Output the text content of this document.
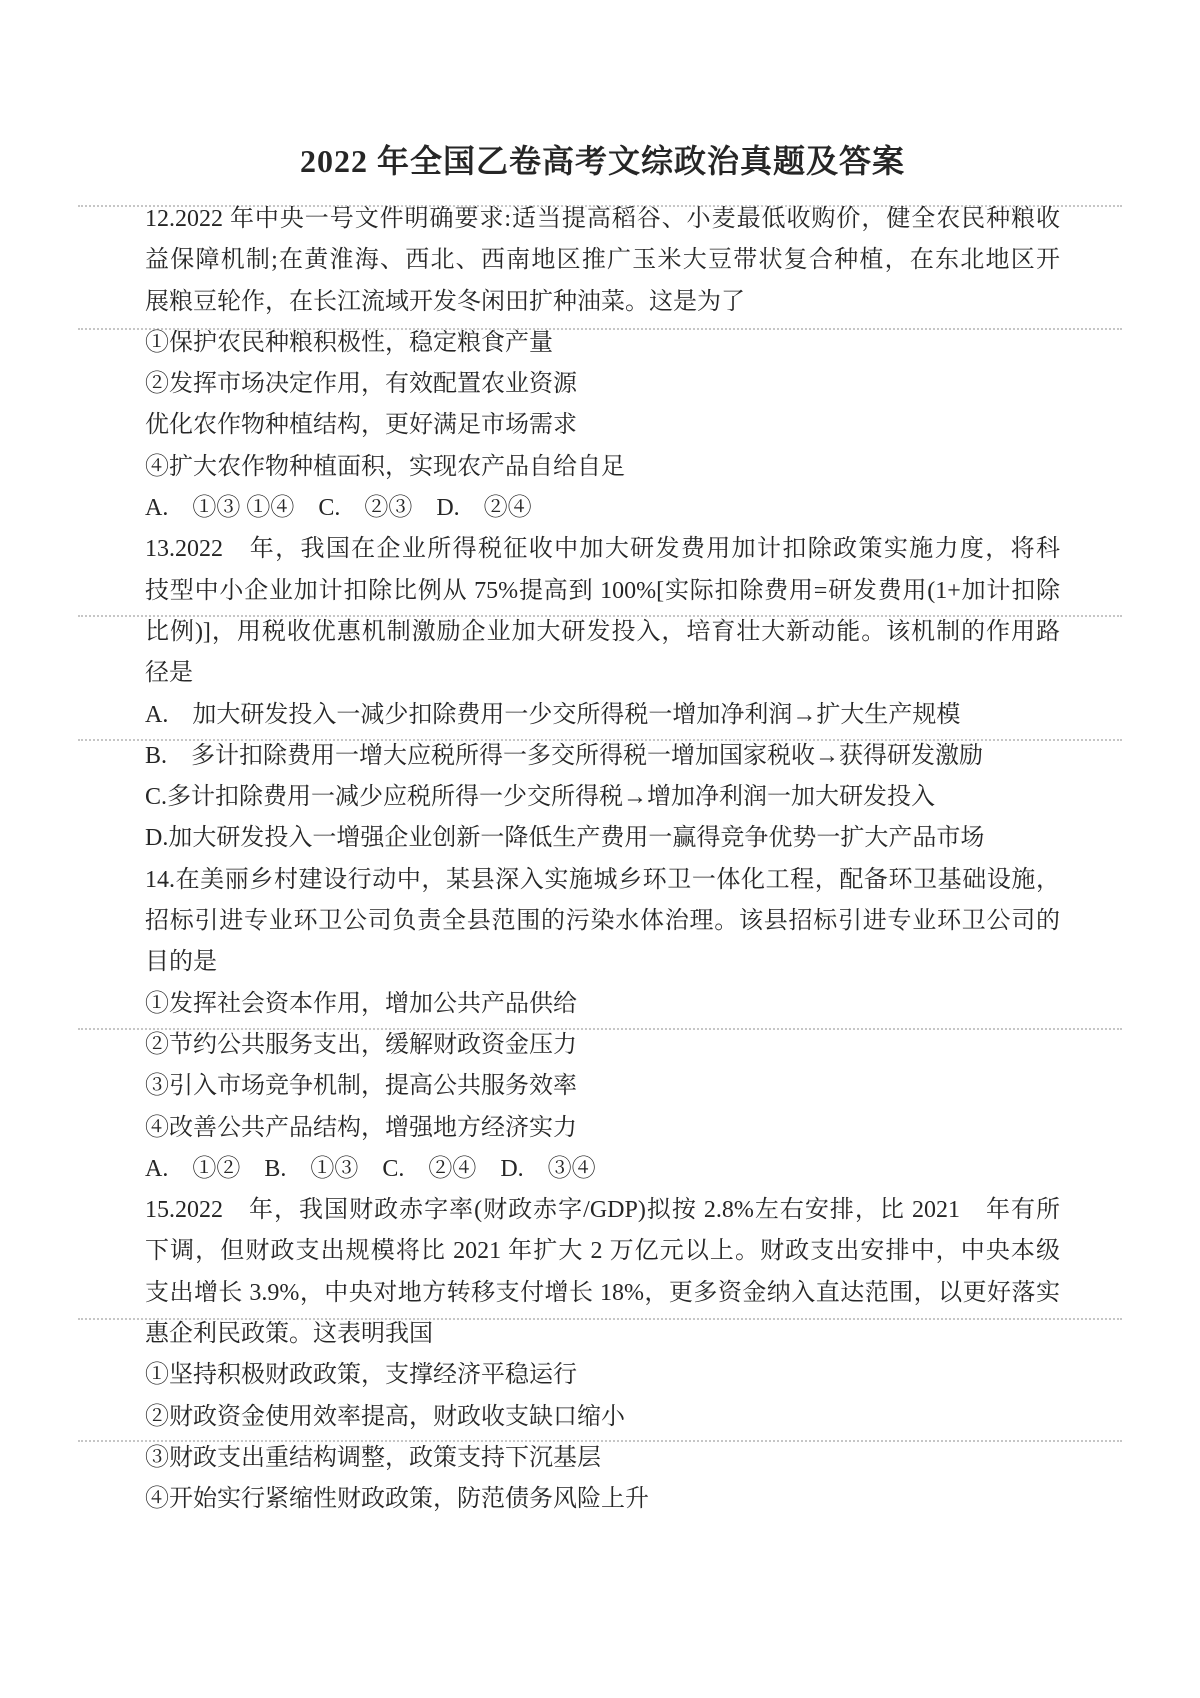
2022 年全国乙卷高考文综政治真题及答案
12.2022 年中央一号文件明确要求:适当提高稻谷、小麦最低收购价，健全农民种粮收
益保障机制;在黄淮海、西北、西南地区推广玉米大豆带状复合种植，在东北地区开
展粮豆轮作，在长江流域开发冬闲田扩种油菜。这是为了
①保护农民种粮积极性，稳定粮食产量
②发挥市场决定作用，有效配置农业资源
优化农作物种植结构，更好满足市场需求
④扩大农作物种植面积，实现农产品自给自足
A.　①③ ①④　C.　②③　D.　②④
13.2022　年，我国在企业所得税征收中加大研发费用加计扣除政策实施力度，将科
技型中小企业加计扣除比例从 75%提高到 100%[实际扣除费用=研发费用(1+加计扣除
比例)]，用税收优惠机制激励企业加大研发投入，培育壮大新动能。该机制的作用路
径是
A.　加大研发投入一减少扣除费用一少交所得税一增加净利润→扩大生产规模
B.　多计扣除费用一增大应税所得一多交所得税一增加国家税收→获得研发激励
C.多计扣除费用一减少应税所得一少交所得税→增加净利润一加大研发投入
D.加大研发投入一增强企业创新一降低生产费用一赢得竞争优势一扩大产品市场
14.在美丽乡村建设行动中，某县深入实施城乡环卫一体化工程，配备环卫基础设施，
招标引进专业环卫公司负责全县范围的污染水体治理。该县招标引进专业环卫公司的
目的是
①发挥社会资本作用，增加公共产品供给
②节约公共服务支出，缓解财政资金压力
③引入市场竞争机制，提高公共服务效率
④改善公共产品结构，增强地方经济实力
A.　①②　B.　①③　C.　②④　D.　③④
15.2022　年，我国财政赤字率(财政赤字/GDP)拟按 2.8%左右安排，比 2021　年有所
下调，但财政支出规模将比 2021 年扩大 2 万亿元以上。财政支出安排中，中央本级
支出增长 3.9%，中央对地方转移支付增长 18%，更多资金纳入直达范围，以更好落实
惠企利民政策。这表明我国
①坚持积极财政政策，支撑经济平稳运行
②财政资金使用效率提高，财政收支缺口缩小
③财政支出重结构调整，政策支持下沉基层
④开始实行紧缩性财政政策，防范债务风险上升
